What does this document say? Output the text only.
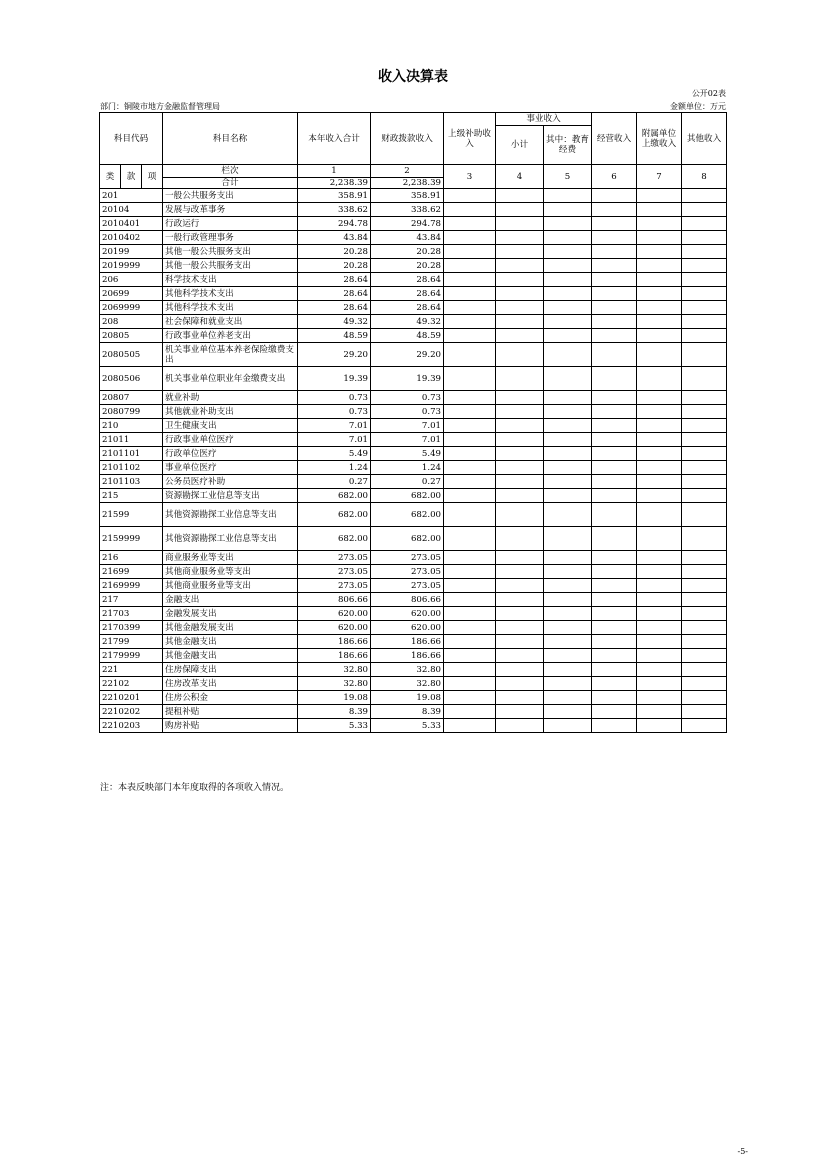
收入决算表
公开02表
部门：铜陵市地方金融监督管理局	金额单位：万元
科目代码			科目名称	本年收入合计	财政拨款收入	上级补助收入	事业收入		经营收入	附属单位上缴收入	其他收入
							小计	其中：教育经费			
类	款	项	栏次	1	2	3	4	5	6	7	8
			合计	2,238.39	2,238.39						
201			一般公共服务支出	358.91	358.91						
20104			发展与改革事务	338.62	338.62						
2010401			行政运行	294.78	294.78						
2010402			一般行政管理事务	43.84	43.84						
20199			其他一般公共服务支出	20.28	20.28						
2019999			其他一般公共服务支出	20.28	20.28						
206			科学技术支出	28.64	28.64						
20699			其他科学技术支出	28.64	28.64						
2069999			其他科学技术支出	28.64	28.64						
208			社会保障和就业支出	49.32	49.32						
20805			行政事业单位养老支出	48.59	48.59						
2080505			机关事业单位基本养老保险缴费支出	29.20	29.20						
2080506			机关事业单位职业年金缴费支出	19.39	19.39						
20807			就业补助	0.73	0.73						
2080799			其他就业补助支出	0.73	0.73						
210			卫生健康支出	7.01	7.01						
21011			行政事业单位医疗	7.01	7.01						
2101101			行政单位医疗	5.49	5.49						
2101102			事业单位医疗	1.24	1.24						
2101103			公务员医疗补助	0.27	0.27						
215			资源勘探工业信息等支出	682.00	682.00						
21599			其他资源勘探工业信息等支出	682.00	682.00						
2159999			其他资源勘探工业信息等支出	682.00	682.00						
216			商业服务业等支出	273.05	273.05						
21699			其他商业服务业等支出	273.05	273.05						
2169999			其他商业服务业等支出	273.05	273.05						
217			金融支出	806.66	806.66						
21703			金融发展支出	620.00	620.00						
2170399			其他金融发展支出	620.00	620.00						
21799			其他金融支出	186.66	186.66						
2179999			其他金融支出	186.66	186.66						
221			住房保障支出	32.80	32.80						
22102			住房改革支出	32.80	32.80						
2210201			住房公积金	19.08	19.08						
2210202			提租补贴	8.39	8.39						
2210203			购房补贴	5.33	5.33						
注：本表反映部门本年度取得的各项收入情况。
-5-
